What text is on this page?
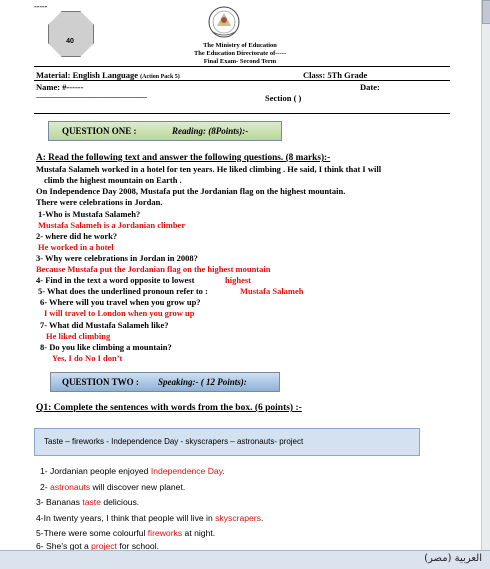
-----
40
The Ministry of Education
The Education Directorate of-----
Final Exam- Second Term
Material: English Language (Action Pack 5)	Class: 5Th Grade
Name: #------	Date:
----------------------------------------------------------------	Section ( )
QUESTION ONE :	Reading: (8Points):-
A: Read the following text and answer the following questions. (8 marks):-
Mustafa Salameh worked in a hotel for ten years. He liked climbing . He said, I think that I will
climb the highest mountain on Earth .
On Independence Day 2008, Mustafa put the Jordanian flag on the highest mountain.
There were celebrations in Jordan.
1-Who is Mustafa Salameh?
Mustafa Salameh is a Jordanian climber
2- where did he work?
He worked in a hotel
3- Why were celebrations in Jordan in 2008?
Because Mustafa put the Jordanian flag on the highest mountain
4- Find in the text a word opposite to lowest	highest
5- What does the underlined pronoun refer to :	Mustafa Salameh
6- Where will you travel when you grow up?
I will travel to London when you grow up
7- What did Mustafa Salameh like?
He liked climbing
8- Do you like climbing a mountain?
Yes, I do No I don’t
QUESTION TWO : Speaking:- ( 12 Points):
Q1: Complete the sentences with words from the box. (6 points) :-
Taste – fireworks - Independence Day - skyscrapers – astronauts- project
1- Jordanian people enjoyed Independence Day.
2- astronauts will discover new planet.
3- Bananas taste delicious.
4-In twenty years, I think that people will live in skyscrapers.
5-There were some colourful fireworks at night.
6- She's got a project for school.
العربية (مصر)
